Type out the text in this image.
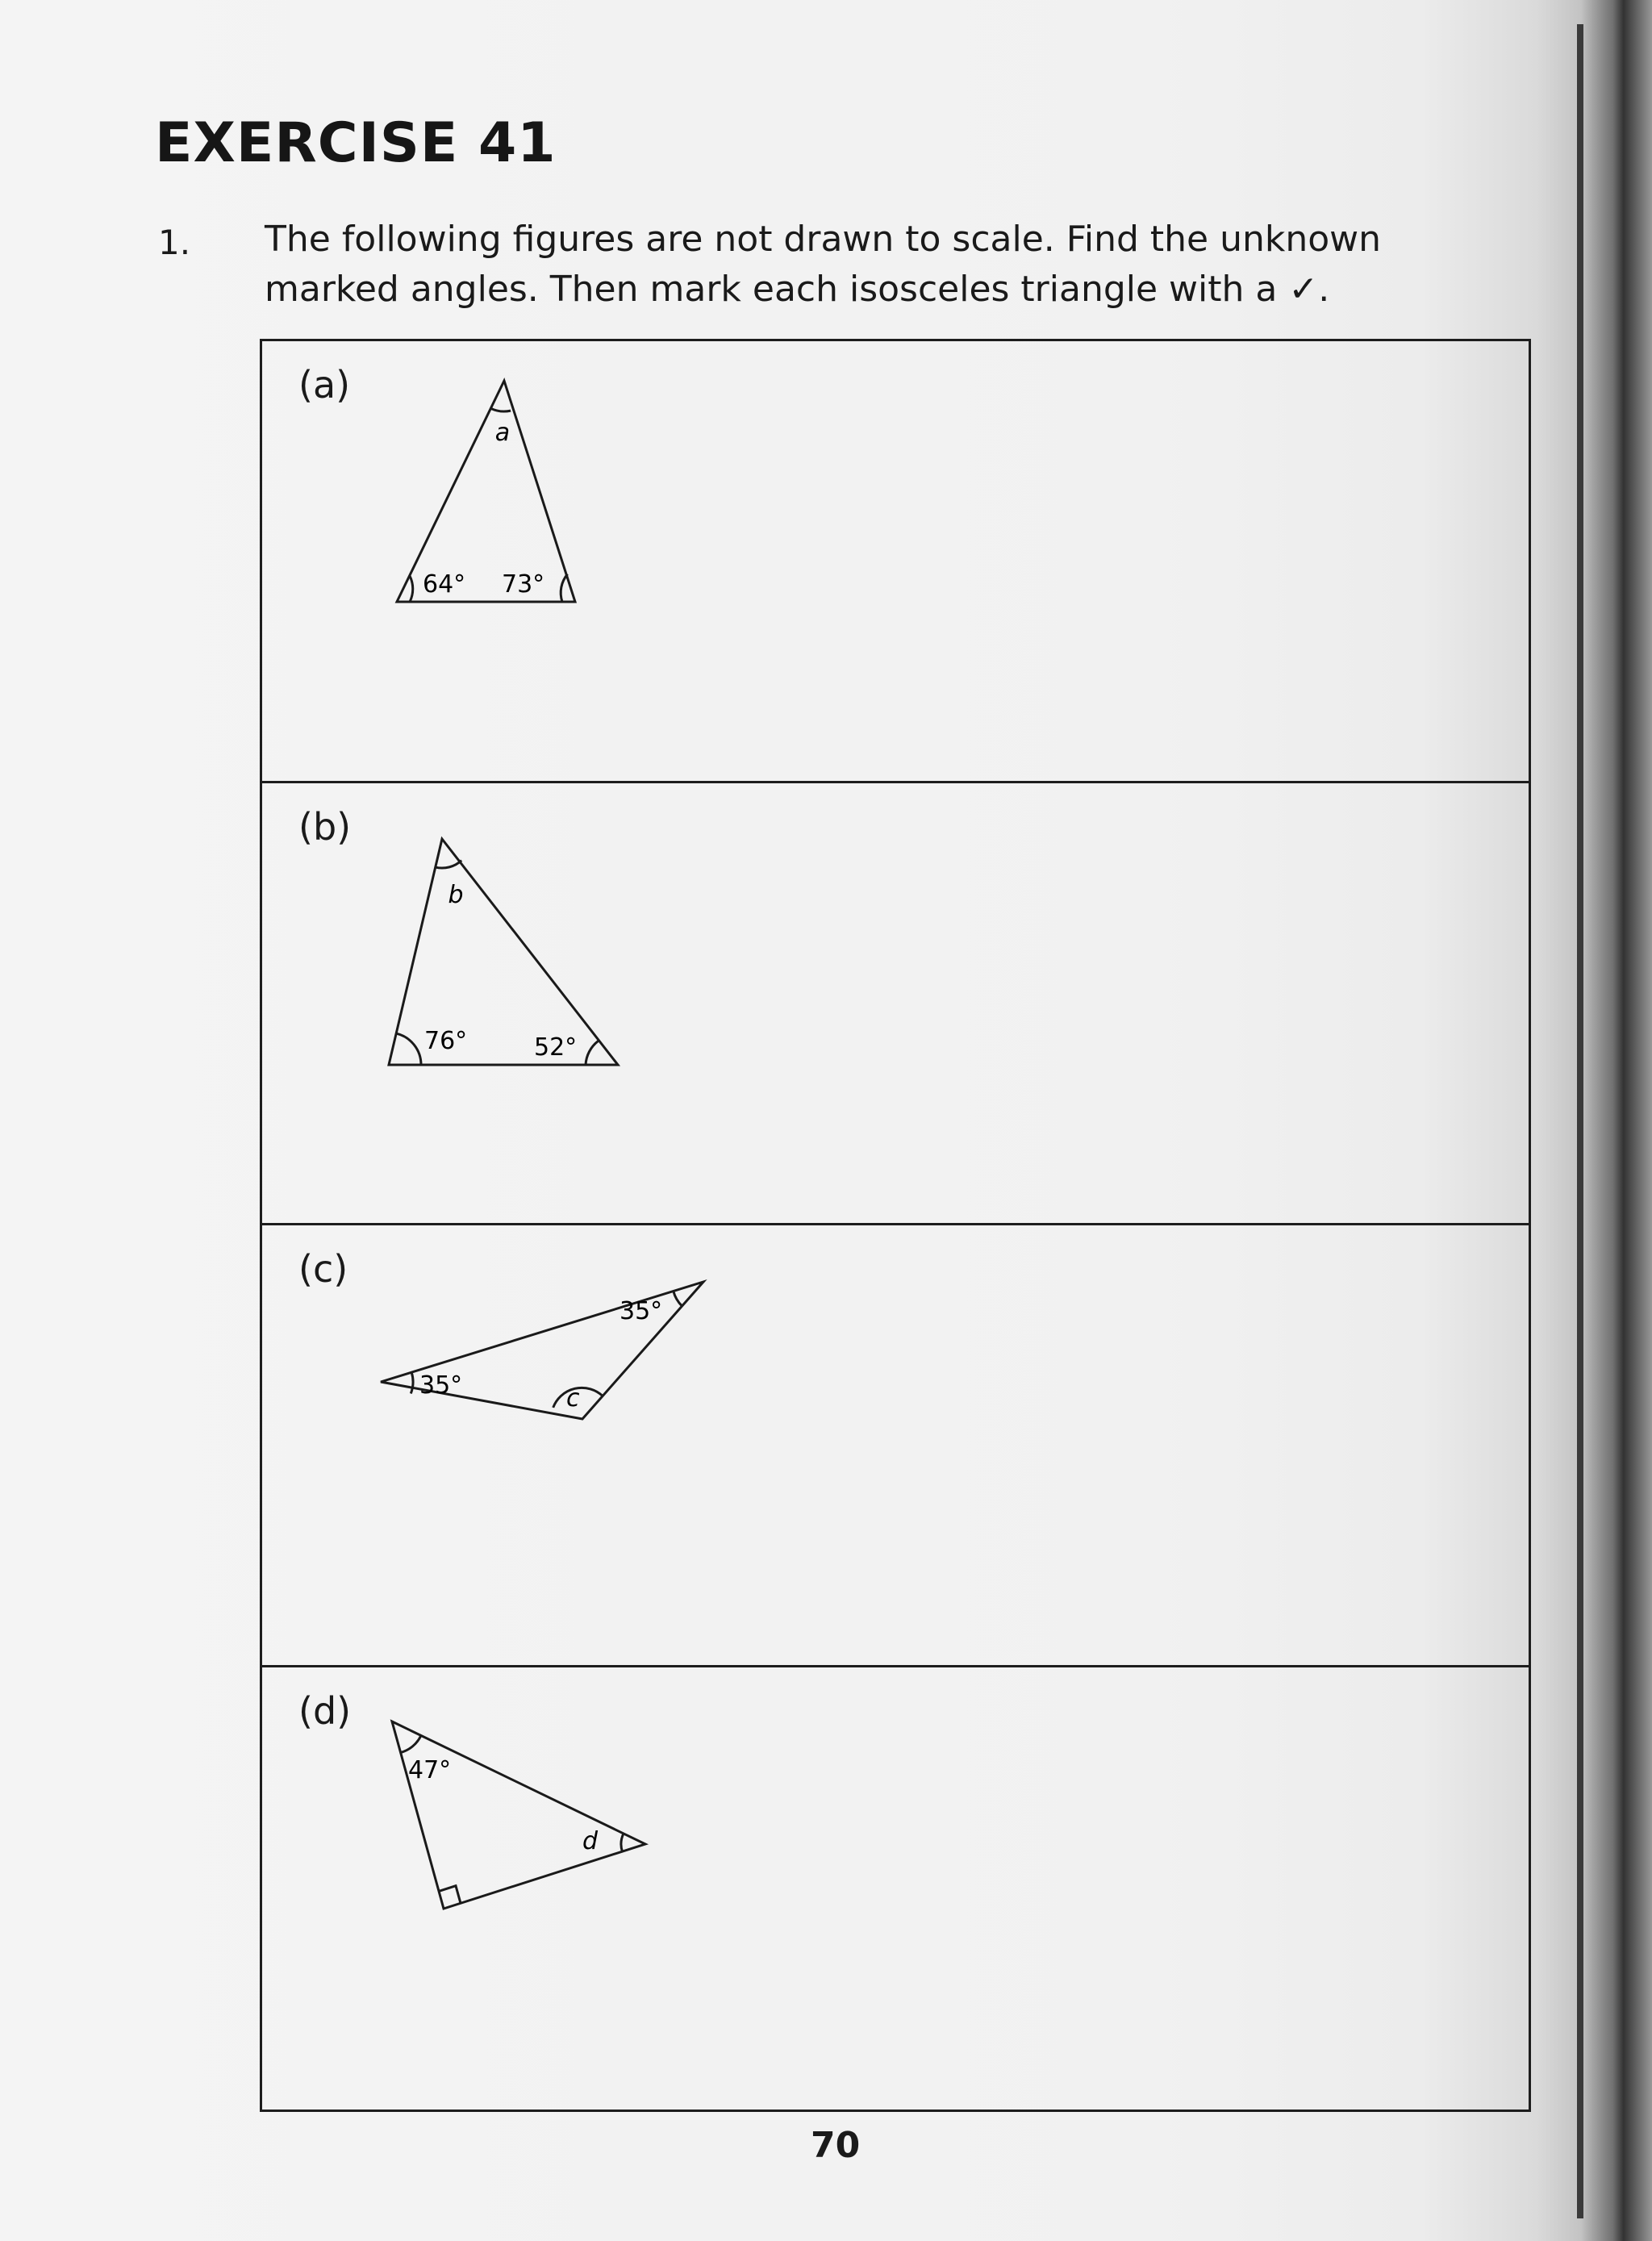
EXERCISE 41
1. The following figures are not drawn to scale. Find the unknown marked angles. Then mark each isosceles triangle with a ✓.
(a)
a
64° 73°
(b)
b
76°	52°
(c)
35°
35°
c
(d)
47°
d
70
